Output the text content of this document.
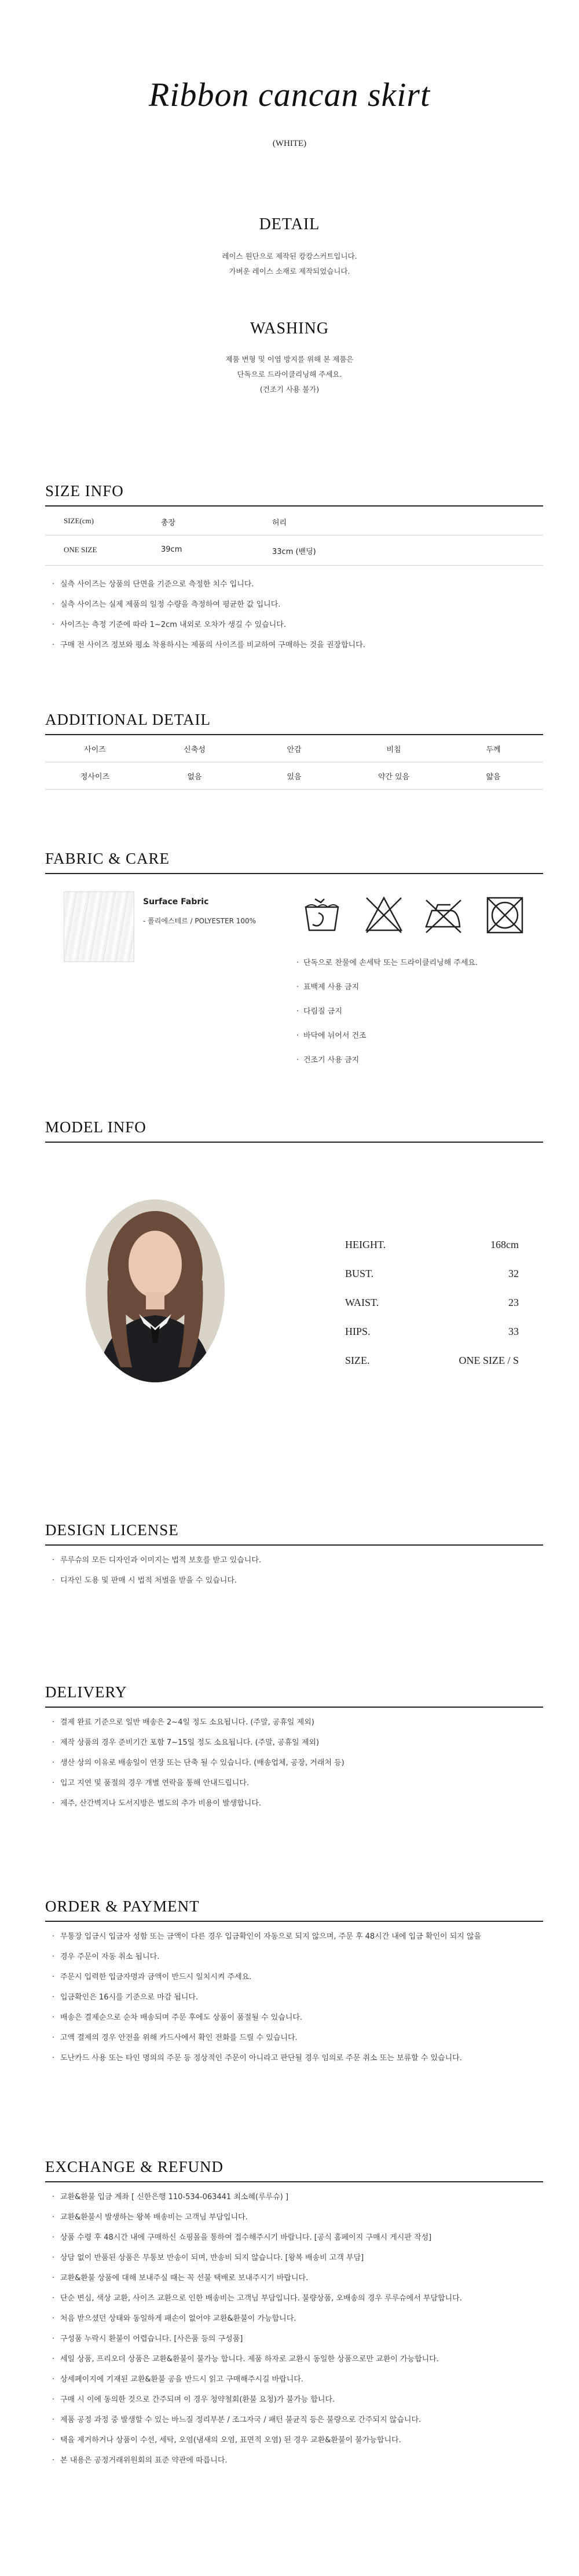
Ribbon cancan skirt
(WHITE)
DETAIL
레이스 원단으로 제작된 캉캉스커트입니다.
가벼운 레이스 소재로 제작되었습니다.
WASHING
제품 변형 및 이염 방지를 위해 본 제품은
단독으로 드라이클리닝해 주세요.
(건조기 사용 불가)
SIZE INFO
SIZE(cm)	총장	허리
ONE SIZE	39cm	33cm (밴딩)
· 실측 사이즈는 상품의 단면을 기준으로 측정한 치수 입니다.
· 실측 사이즈는 실제 제품의 일정 수량을 측정하여 평균한 값 입니다.
· 사이즈는 측정 기준에 따라 1~2cm 내외로 오차가 생길 수 있습니다.
· 구매 전 사이즈 정보와 평소 착용하시는 제품의 사이즈를 비교하여 구매하는 것을 권장합니다.
ADDITIONAL DETAIL
사이즈	신축성	안감	비침	두께
정사이즈	없음	있음	약간 있음	얇음
FABRIC & CARE
Surface Fabric
- 폴리에스테르 / POLYESTER 100%
· 단독으로 찬물에 손세탁 또는 드라이클리닝해 주세요.
· 표백제 사용 금지
· 다림질 금지
· 바닥에 뉘어서 건조
· 건조기 사용 금지
MODEL INFO
HEIGHT.	168cm
BUST.	32
WAIST.	23
HIPS.	33
SIZE.	ONE SIZE / S
DESIGN LICENSE
· 루루슈의 모든 디자인과 이미지는 법적 보호를 받고 있습니다.
· 디자인 도용 및 판매 시 법적 처벌을 받을 수 있습니다.
DELIVERY
· 결제 완료 기준으로 일반 배송은 2~4일 정도 소요됩니다. (주말, 공휴일 제외)
· 제작 상품의 경우 준비기간 포함 7~15일 정도 소요됩니다. (주말, 공휴일 제외)
· 생산 상의 이유로 배송일이 연장 또는 단축 될 수 있습니다. (배송업체, 공장, 거래처 등)
· 입고 지연 및 품절의 경우 개별 연락을 통해 안내드립니다.
· 제주, 산간벽지나 도서지방은 별도의 추가 비용이 발생합니다.
ORDER & PAYMENT
· 무통장 입금시 입금자 성함 또는 금액이 다른 경우 입금확인이 자동으로 되지 않으며, 주문 후 48시간 내에 입금 확인이 되지 않을
· 경우 주문이 자동 취소 됩니다.
· 주문시 입력한 입금자명과 금액이 반드시 일치시켜 주세요.
· 입금확인은 16시를 기준으로 마감 됩니다.
· 배송은 결제순으로 순차 배송되며 주문 후에도 상품이 품절될 수 있습니다.
· 고액 결제의 경우 안전을 위해 카드사에서 확인 전화를 드릴 수 있습니다.
· 도난카드 사용 또는 타인 명의의 주문 등 정상적인 주문이 아니라고 판단될 경우 임의로 주문 취소 또는 보류할 수 있습니다.
EXCHANGE & REFUND
· 교환&환불 입금 계좌 [ 신한은행 110-534-063441 최소혜(루루슈) ]
· 교환&환불시 발생하는 왕복 배송비는 고객님 부담입니다.
· 상품 수령 후 48시간 내에 구매하신 쇼핑몰을 통하여 접수해주시기 바랍니다. [공식 홈페이지 구매시 게시판 작성]
· 상담 없이 반품된 상품은 무통보 반송이 되며, 반송비 되지 않습니다. [왕복 배송비 고객 부담]
· 교환&환불 상품에 대해 보내주실 때는 꼭 선불 택배로 보내주시기 바랍니다.
· 단순 변심, 색상 교환, 사이즈 교환으로 인한 배송비는 고객님 부담입니다. 불량상품, 오배송의 경우 루루슈에서 부담합니다.
· 처음 받으셨던 상태와 동일하게 패손이 없어야 교환&환불이 가능합니다.
· 구성품 누락시 환불이 어렵습니다. [사은품 등의 구성품]
· 세일 상품, 프리오더 상품은 교환&환불이 불가능 합니다. 제품 하자로 교환시 동일한 상품으로만 교환이 가능합니다.
· 상세페이지에 기재된 교환&환불 공을 반드시 읽고 구매해주시길 바랍니다.
· 구매 시 이에 동의한 것으로 간주되며 이 경우 청약철회(환불 요청)가 불가능 합니다.
· 제품 공정 과정 중 발생할 수 있는 바느질 정리부분 / 조그자국 / 패턴 불균직 등은 불량으로 간주되지 않습니다.
· 택을 제거하거나 상품이 수선, 세탁, 오염(냄새의 오염, 표면적 오염) 된 경우 교환&환불이 불가능합니다.
· 본 내용은 공정거래위원회의 표준 약관에 따릅니다.
